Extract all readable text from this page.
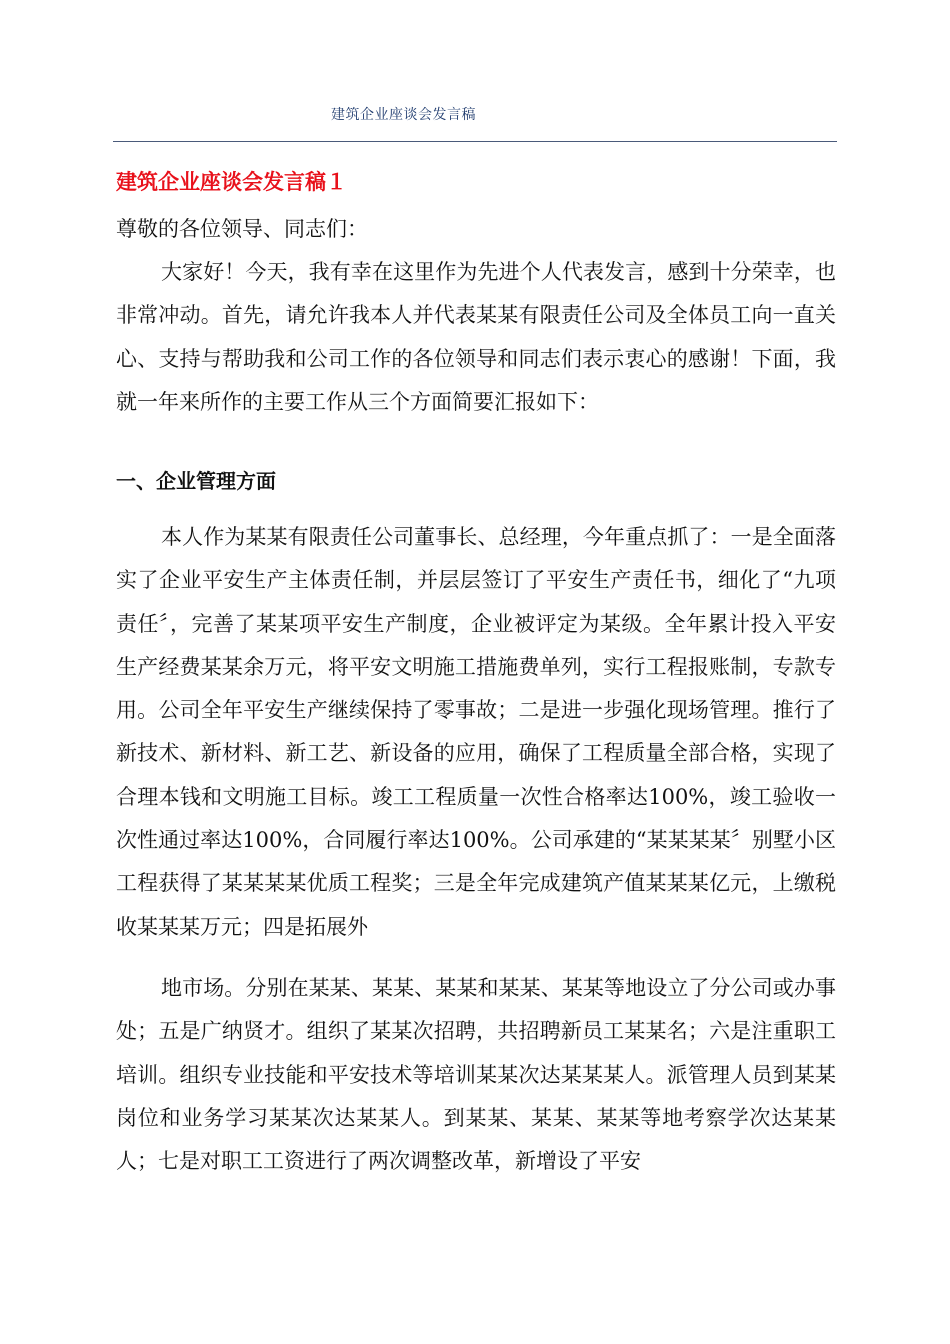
建筑企业座谈会发言稿
建筑企业座谈会发言稿１
尊敬的各位领导、同志们：
大家好！今天，我有幸在这里作为先进个人代表发言，感到十分荣幸，也非常冲动。首先，请允许我本人并代表某某有限责任公司及全体员工向一直关心、支持与帮助我和公司工作的各位领导和同志们表示衷心的感谢！下面，我就一年来所作的主要工作从三个方面简要汇报如下：
一、企业管理方面
本人作为某某有限责任公司董事长、总经理，今年重点抓了：一是全面落实了企业平安生产主体责任制，并层层签订了平安生产责任书，细化了“九项责任〞，完善了某某项平安生产制度，企业被评定为某级。全年累计投入平安生产经费某某余万元，将平安文明施工措施费单列，实行工程报账制，专款专用。公司全年平安生产继续保持了零事故；二是进一步强化现场管理。推行了新技术、新材料、新工艺、新设备的应用，确保了工程质量全部合格，实现了合理本钱和文明施工目标。竣工工程质量一次性合格率达100%，竣工验收一次性通过率达100%，合同履行率达100%。公司承建的“某某某某〞别墅小区工程获得了某某某某优质工程奖；三是全年完成建筑产值某某某亿元，上缴税收某某某万元；四是拓展外
地市场。分别在某某、某某、某某和某某、某某等地设立了分公司或办事处；五是广纳贤才。组织了某某次招聘，共招聘新员工某某名；六是注重职工培训。组织专业技能和平安技术等培训某某次达某某某人。派管理人员到某某岗位和业务学习某某次达某某人。到某某、某某、某某等地考察学次达某某人；七是对职工工资进行了两次调整改革，新增设了平安
